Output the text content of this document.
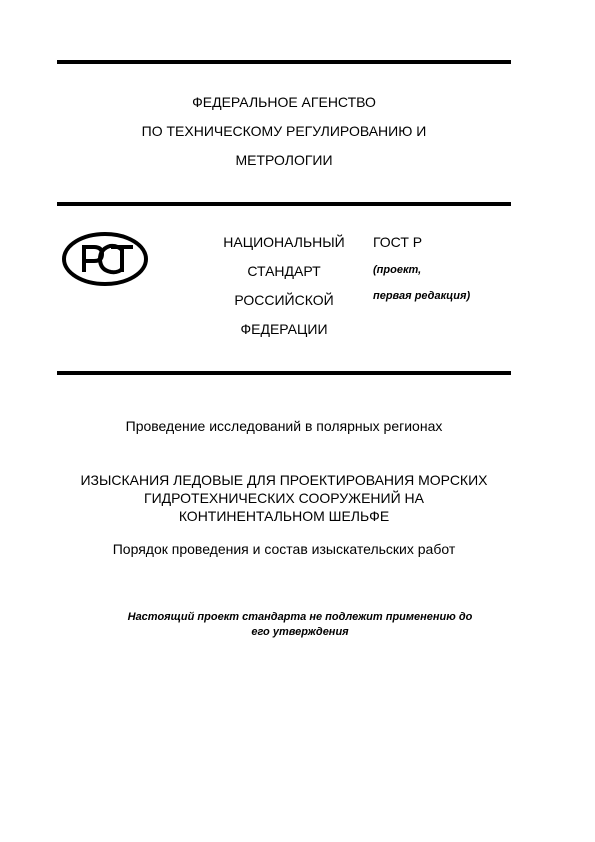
ФЕДЕРАЛЬНОЕ АГЕНСТВО
ПО ТЕХНИЧЕСКОМУ РЕГУЛИРОВАНИЮ И
МЕТРОЛОГИИ
НАЦИОНАЛЬНЫЙ
СТАНДАРТ
РОССИЙСКОЙ
ФЕДЕРАЦИИ
ГОСТ Р
(проект,
первая редакция)
Проведение исследований в полярных регионах
ИЗЫСКАНИЯ ЛЕДОВЫЕ ДЛЯ ПРОЕКТИРОВАНИЯ МОРСКИХ
ГИДРОТЕХНИЧЕСКИХ СООРУЖЕНИЙ НА
КОНТИНЕНТАЛЬНОМ ШЕЛЬФЕ
Порядок проведения и состав изыскательских работ
Настоящий проект стандарта не подлежит применению до
его утверждения
